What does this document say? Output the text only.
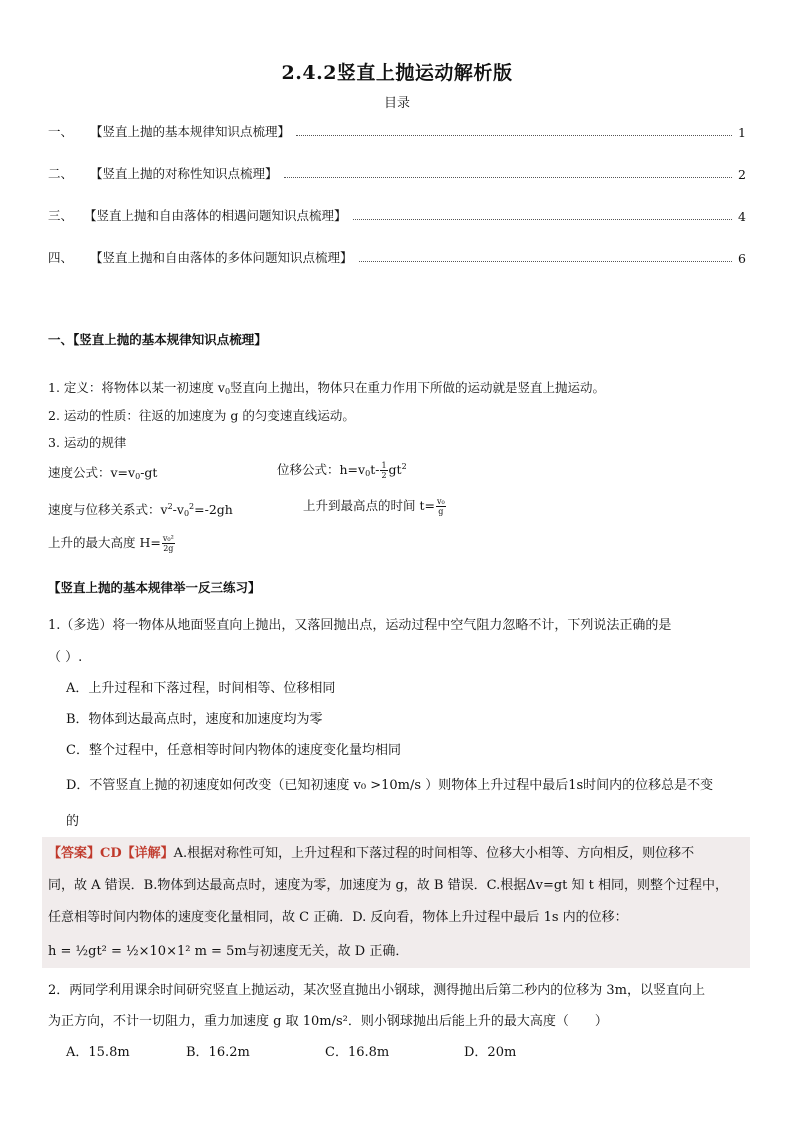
2.4.2竖直上抛运动解析版
目录
一、	【竖直上抛的基本规律知识点梳理】	1
二、	【竖直上抛的对称性知识点梳理】	2
三、 【竖直上抛和自由落体的相遇问题知识点梳理】	4
四、	【竖直上抛和自由落体的多体问题知识点梳理】	6
一、【竖直上抛的基本规律知识点梳理】
1. 定义：将物体以某一初速度 $v_0$竖直向上抛出，物体只在重力作用下所做的运动就是竖直上抛运动。
2. 运动的性质：往返的加速度为 g 的匀变速直线运动。
3. 运动的规律
速度公式：$v=v_0-gt$	位移公式：$h=v_0t- \frac{1}{2} gt^2$
速度与位移关系式：$v^2-v_0^2=-2gh$	上升到最高点的时间 $t= \frac{\text{v₀}}{g}$
上升的最大高度 $H= \frac{\text{v₀²}}{2g}$
【竖直上抛的基本规律举一反三练习】
1.（多选）将一物体从地面竖直向上抛出，又落回抛出点，运动过程中空气阻力忽略不计，下列说法正确的是
（ ）.
A．上升过程和下落过程，时间相等、位移相同
B．物体到达最高点时，速度和加速度均为零
C．整个过程中，任意相等时间内物体的速度变化量均相同
D．不管竖直上抛的初速度如何改变（已知初速度 v₀ >10m/s ）则物体上升过程中最后1s时间内的位移总是不变
的
【答案】CD【详解】A.根据对称性可知，上升过程和下落过程的时间相等、位移大小相等、方向相反，则位移不
同，故 A 错误．B.物体到达最高点时，速度为零，加速度为 g，故 B 错误．C.根据Δv=gt 知 t 相同，则整个过程中，
任意相等时间内物体的速度变化量相同，故 C 正确．D. 反向看，物体上升过程中最后 1s 内的位移：
h = ½gt² = ½×10×1² m = 5m与初速度无关，故 D 正确．
2．两同学利用课余时间研究竖直上抛运动，某次竖直抛出小钢球，测得抛出后第二秒内的位移为 3m，以竖直向上
为正方向，不计一切阻力，重力加速度 g 取 10m/s²．则小钢球抛出后能上升的最大高度（　　）
A．15.8m	B．16.2m	C．16.8m	D．20m
